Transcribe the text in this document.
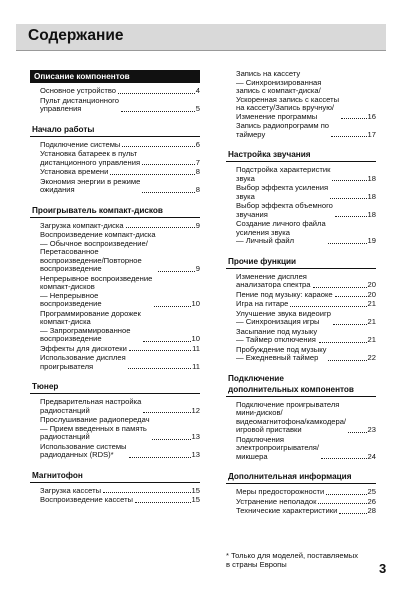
Содержание
Описание компонентов
Основное устройство	4
Пульт дистанционного
управления	5
Начало работы
Подключение системы	6
Установка батареек в пульт
дистанционного управления	7
Установка времени	8
Экономия энергии в режиме
ожидания	8
Проигрыватель компакт-дисков
Загрузка компакт-диска	9
Воспроизведение компакт-диска
— Обычное воспроизведение/
Перетасованное
воспроизведение/Повторное
воспроизведение	9
Непрерывное воспроизведение
компакт-дисков
— Непрерывное
воспроизведение	10
Программирование дорожек
компакт-диска
— Запрограммированное
воспроизведение	10
Эффекты для дискотеки	11
Использование дисплея
проигрывателя	11
Тюнер
Предварительная настройка
радиостанций	12
Прослушивание радиопередач
— Прием введенных в память
радиостанций	13
Использование системы
радиоданных (RDS)*	13
Магнитофон
Загрузка кассеты	15
Воспроизведение кассеты	15
Запись на кассету
— Синхронизированная
запись с компакт-диска/
Ускоренная запись с кассеты
на кассету/Запись вручную/
Изменение программы	16
Запись радиопрограмм по
таймеру	17
Настройка звучания
Подстройка характеристик
звука	18
Выбор эффекта усиления
звука	18
Выбор эффекта объемного
звучания	18
Создание личного файла
усиления звука
— Личный файл	19
Прочие функции
Изменение дисплея
анализатора спектра	20
Пение под музыку: караоке	20
Игра на гитаре	21
Улучшение звука видеоигр
— Синхронизация игры	21
Засыпание под музыку
— Таймер отключения	21
Пробуждение под музыку
— Ежедневный таймер	22
Подключение
дополнительных компонентов
Подключение проигрывателя
мини-дисков/
видеомагнитофона/камкодера/
игровой приставки	23
Подключения
электропроигрывателя/
микшера	24
Дополнительная информация
Меры предосторожности	25
Устранение неполадок	26
Технические характеристики	28
* Только для моделей, поставляемых
в страны Европы	3
